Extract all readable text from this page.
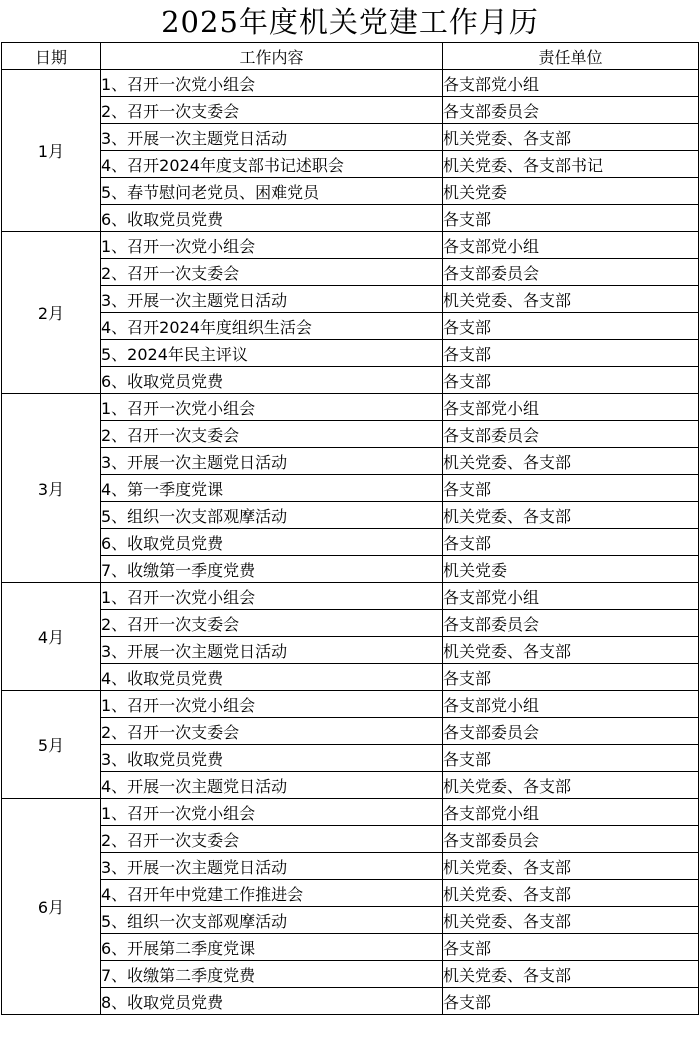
2025年度机关党建工作月历
日期	工作内容	责任单位
1月	1、召开一次党小组会	各支部党小组
	2、召开一次支委会	各支部委员会
	3、开展一次主题党日活动	机关党委、各支部
	4、召开2024年度支部书记述职会	机关党委、各支部书记
	5、春节慰问老党员、困难党员	机关党委
	6、收取党员党费	各支部
2月	1、召开一次党小组会	各支部党小组
	2、召开一次支委会	各支部委员会
	3、开展一次主题党日活动	机关党委、各支部
	4、召开2024年度组织生活会	各支部
	5、2024年民主评议	各支部
	6、收取党员党费	各支部
3月	1、召开一次党小组会	各支部党小组
	2、召开一次支委会	各支部委员会
	3、开展一次主题党日活动	机关党委、各支部
	4、第一季度党课	各支部
	5、组织一次支部观摩活动	机关党委、各支部
	6、收取党员党费	各支部
	7、收缴第一季度党费	机关党委
4月	1、召开一次党小组会	各支部党小组
	2、召开一次支委会	各支部委员会
	3、开展一次主题党日活动	机关党委、各支部
	4、收取党员党费	各支部
5月	1、召开一次党小组会	各支部党小组
	2、召开一次支委会	各支部委员会
	3、收取党员党费	各支部
	4、开展一次主题党日活动	机关党委、各支部
6月	1、召开一次党小组会	各支部党小组
	2、召开一次支委会	各支部委员会
	3、开展一次主题党日活动	机关党委、各支部
	4、召开年中党建工作推进会	机关党委、各支部
	5、组织一次支部观摩活动	机关党委、各支部
	6、开展第二季度党课	各支部
	7、收缴第二季度党费	机关党委、各支部
	8、收取党员党费	各支部
